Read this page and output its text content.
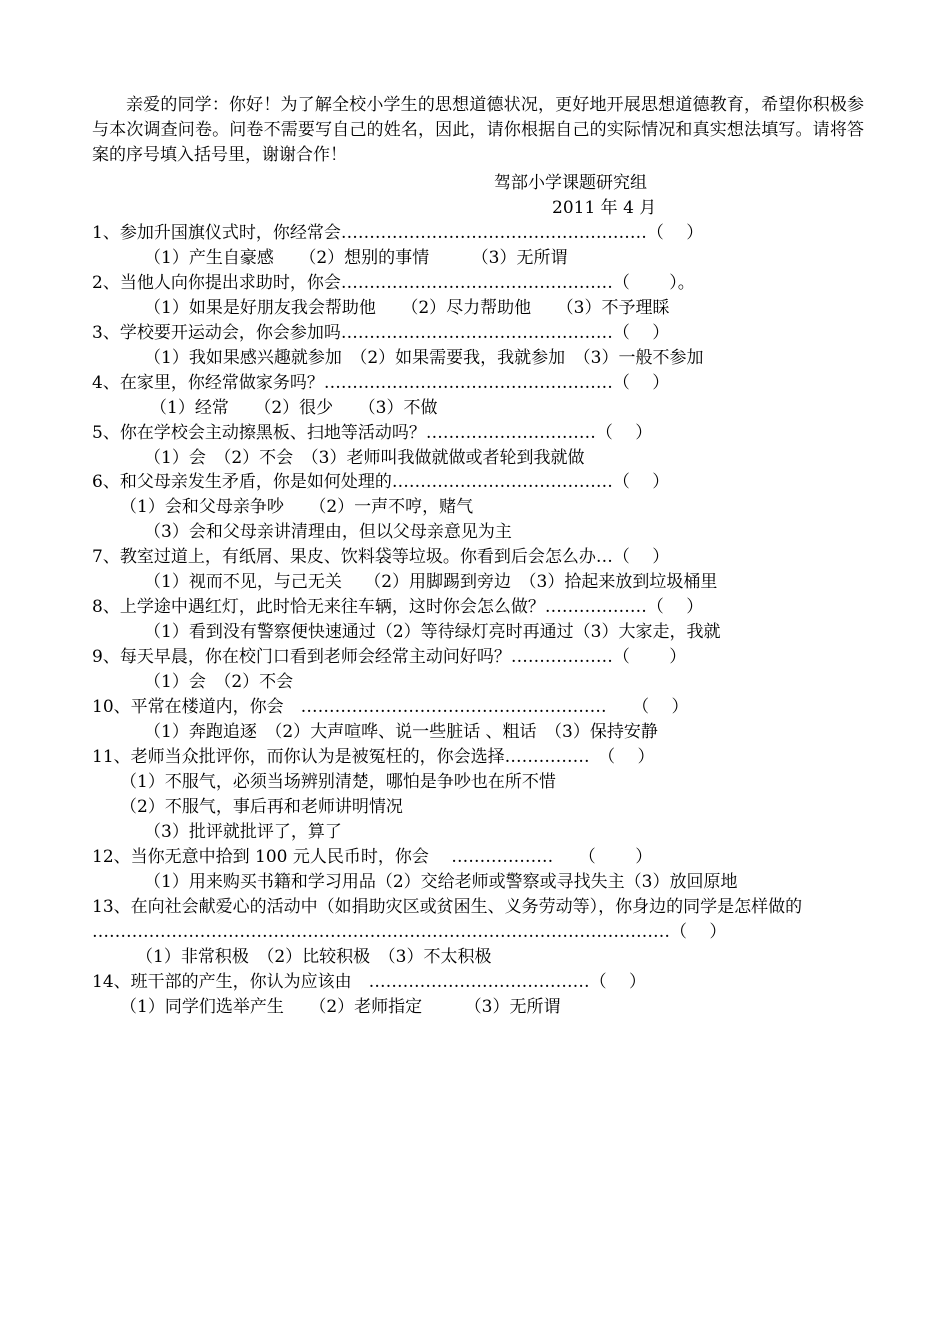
亲爱的同学：你好！为了解全校小学生的思想道德状况，更好地开展思想道德教育，希望你积极参与本次调查问卷。问卷不需要写自己的姓名，因此，请你根据自己的实际情况和真实想法填写。请将答案的序号填入括号里，谢谢合作！
驾部小学课题研究组
2011 年 4 月
1、参加升国旗仪式时，你经常会………………………………………………（　 ）
（1）产生自豪感　　（2）想别的事情　　　（3）无所谓
2、当他人向你提出求助时，你会…………………………………………（　　 ）。
（1）如果是好朋友我会帮助他　　（2）尽力帮助他　　（3）不予理睬
3、学校要开运动会，你会参加吗…………………………………………（　 ）
（1）我如果感兴趣就参加　（2）如果需要我，我就参加　（3）一般不参加
4、在家里，你经常做家务吗？……………………………………………（　 ）
（1）经常　　（2）很少　　（3）不做
5、你在学校会主动擦黑板、扫地等活动吗？…………………………（　 ）
（1）会　（2）不会　（3）老师叫我做就做或者轮到我就做
6、和父母亲发生矛盾，你是如何处理的…………………………………（　 ）
（1）会和父母亲争吵　　（2）一声不哼，赌气
（3）会和父母亲讲清理由，但以父母亲意见为主
7、教室过道上，有纸屑、果皮、饮料袋等垃圾。你看到后会怎么办…（　 ）
（1）视而不见，与己无关　 （2）用脚踢到旁边　（3）拾起来放到垃圾桶里
8、上学途中遇红灯，此时恰无来往车辆，这时你会怎么做？………………（　 ）
（1）看到没有警察便快速通过（2）等待绿灯亮时再通过（3）大家走，我就
9、每天早晨，你在校门口看到老师会经常主动问好吗？………………（　　 ）
（1）会　（2）不会
10、平常在楼道内，你会　………………………………………………　　（　 ）
（1）奔跑追逐　（2）大声喧哗、说一些脏话 、粗话　（3）保持安静
11、老师当众批评你，而你认为是被冤枉的，你会选择……………　（　 ）
（1）不服气，必须当场辨别清楚，哪怕是争吵也在所不惜
（2）不服气，事后再和老师讲明情况
（3）批评就批评了，算了
12、当你无意中拾到 100 元人民币时，你会　 ………………　　（　　 ）
（1）用来购买书籍和学习用品（2）交给老师或警察或寻找失主（3）放回原地
13、在向社会献爱心的活动中（如捐助灾区或贫困生、义务劳动等），你身边的同学是怎样做的
…………………………………………………………………………………………（　 ）
（1）非常积极　（2）比较积极　（3）不太积极
14、班干部的产生，你认为应该由　…………………………………（　 ）
（1）同学们选举产生　　（2）老师指定　　　（3）无所谓
